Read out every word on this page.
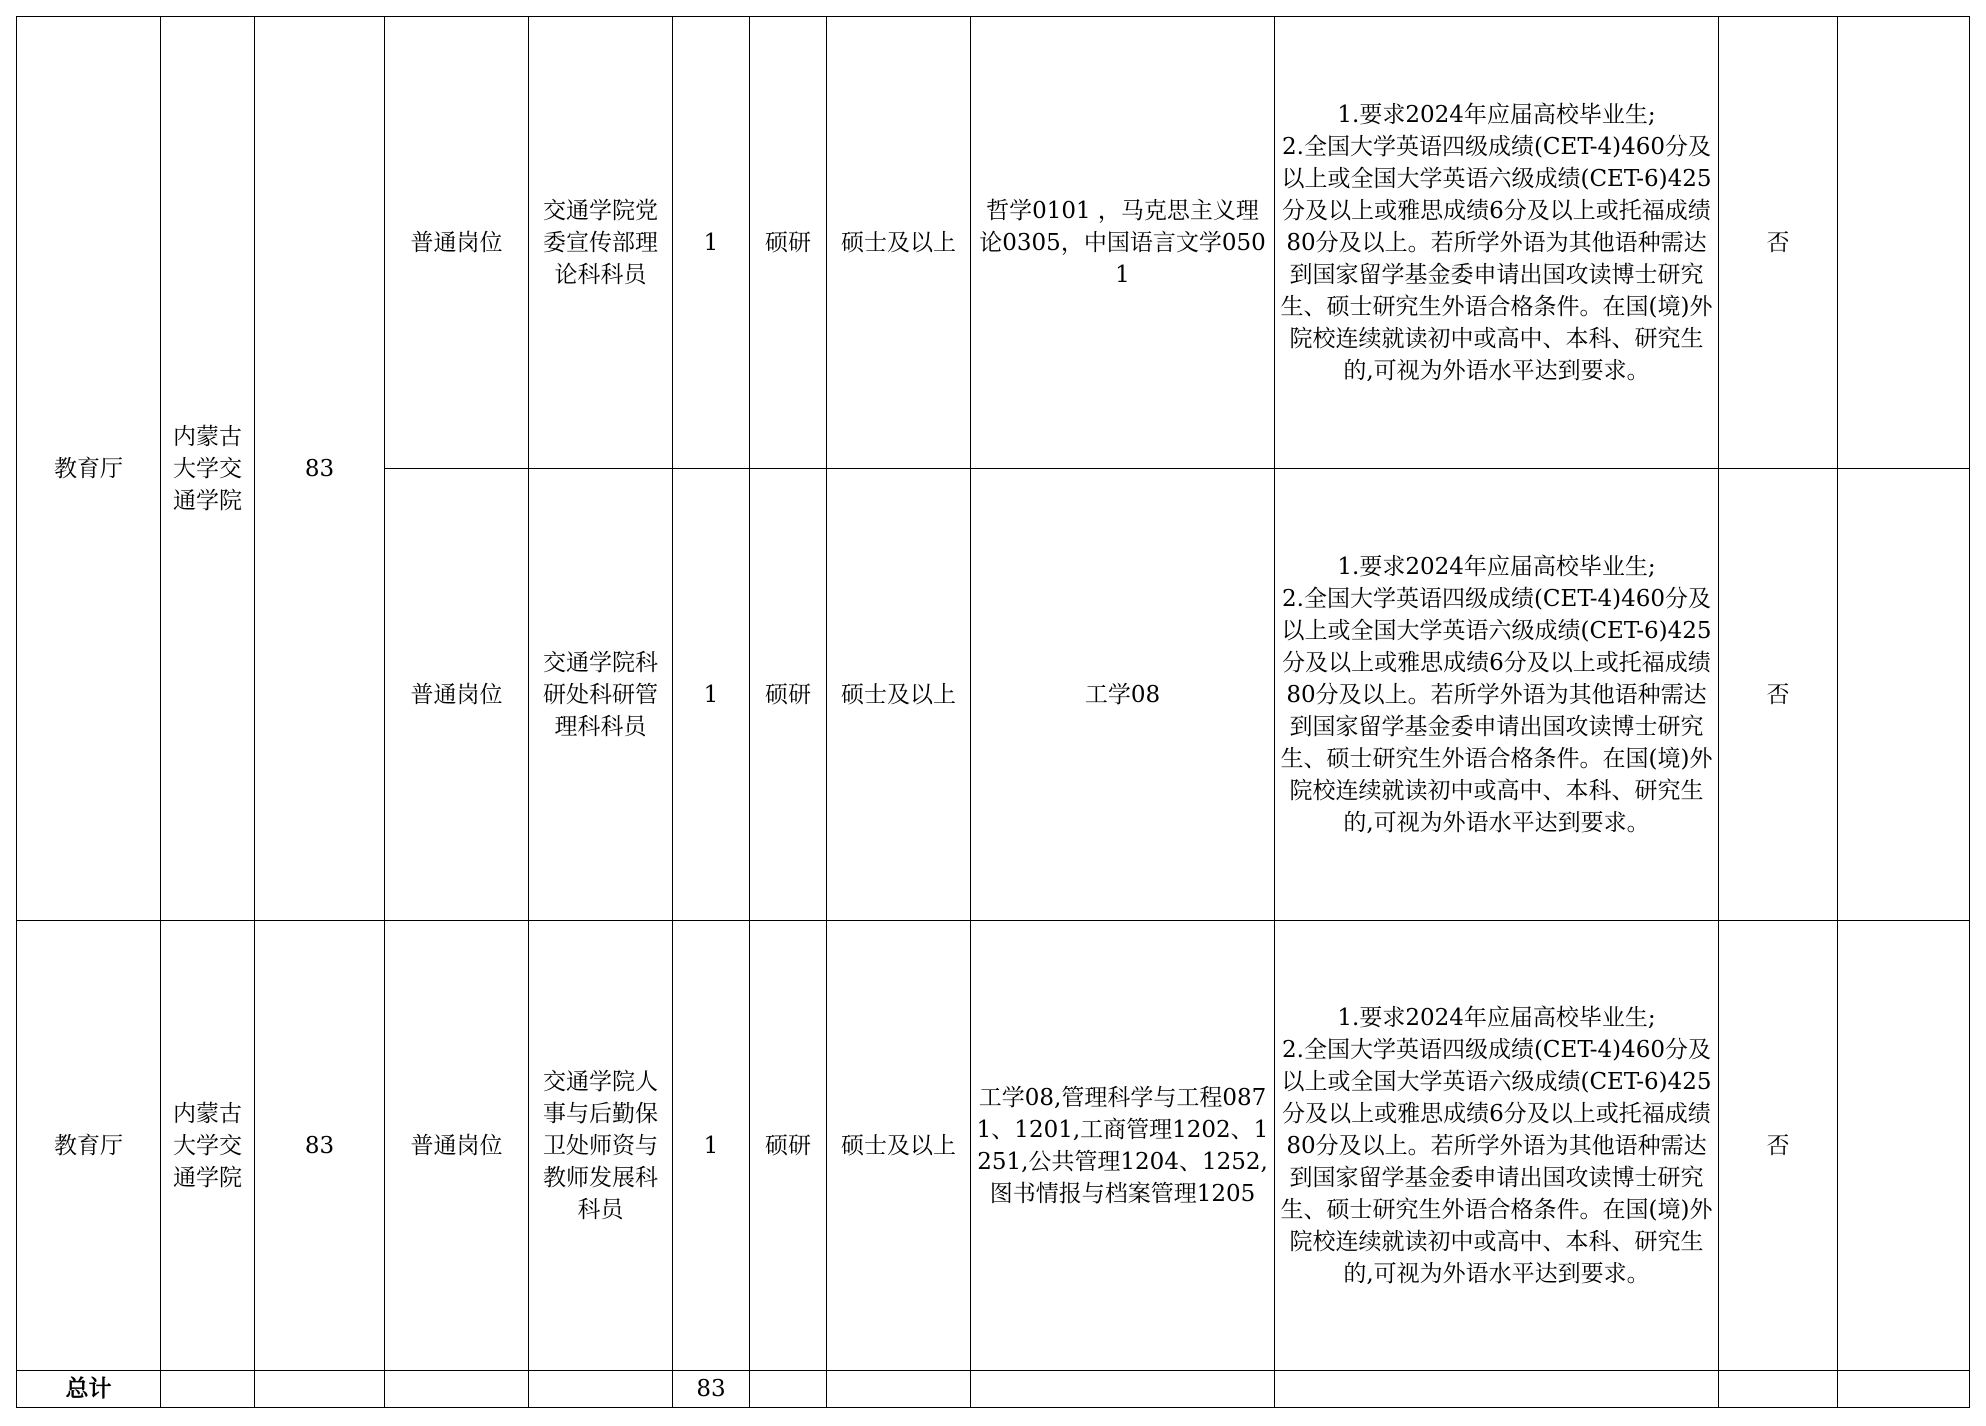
教育厅	内蒙古大学交通学院	83	普通岗位	交通学院党委宣传部理论科科员	1	硕研	硕士及以上	哲学0101 ，马克思主义理论0305，中国语言文学0501	1.要求2024年应届高校毕业生;
2.全国大学英语四级成绩(CET-4)460分及以上或全国大学英语六级成绩(CET-6)425分及以上或雅思成绩6分及以上或托福成绩80分及以上。若所学外语为其他语种需达到国家留学基金委申请出国攻读博士研究生、硕士研究生外语合格条件。在国(境)外院校连续就读初中或高中、本科、研究生的,可视为外语水平达到要求。	否	
			普通岗位	交通学院科研处科研管理科科员	1	硕研	硕士及以上	工学08	1.要求2024年应届高校毕业生;
2.全国大学英语四级成绩(CET-4)460分及以上或全国大学英语六级成绩(CET-6)425分及以上或雅思成绩6分及以上或托福成绩80分及以上。若所学外语为其他语种需达到国家留学基金委申请出国攻读博士研究生、硕士研究生外语合格条件。在国(境)外院校连续就读初中或高中、本科、研究生的,可视为外语水平达到要求。	否	
教育厅	内蒙古大学交通学院	83	普通岗位	交通学院人事与后勤保卫处师资与教师发展科科员	1	硕研	硕士及以上	工学08,管理科学与工程0871、1201,工商管理1202、1251,公共管理1204、1252,图书情报与档案管理1205	1.要求2024年应届高校毕业生;
2.全国大学英语四级成绩(CET-4)460分及以上或全国大学英语六级成绩(CET-6)425分及以上或雅思成绩6分及以上或托福成绩80分及以上。若所学外语为其他语种需达到国家留学基金委申请出国攻读博士研究生、硕士研究生外语合格条件。在国(境)外院校连续就读初中或高中、本科、研究生的,可视为外语水平达到要求。	否	
总计					83						
